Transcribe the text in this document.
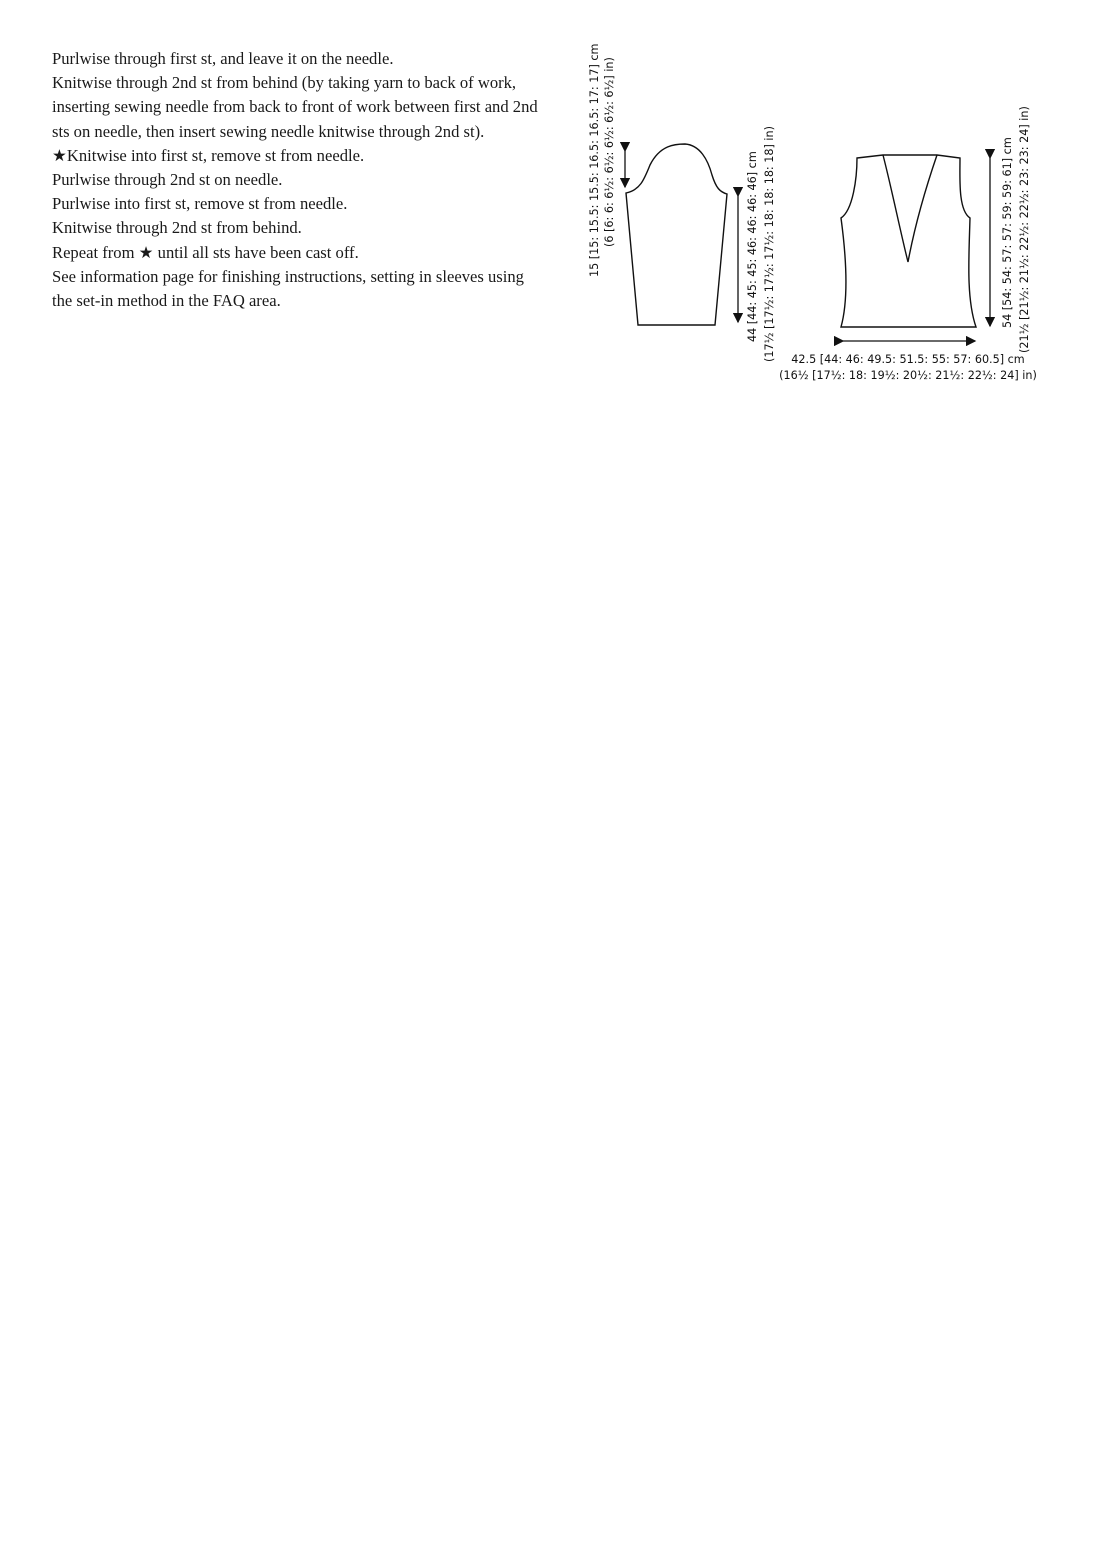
Purlwise through first st, and leave it on the needle.

Knitwise through 2nd st from behind (by taking yarn to back of work, inserting sewing needle from back to front of work between first and 2nd sts on needle, then insert sewing needle knitwise through 2nd st).

★Knitwise into first st, remove st from needle.

Purlwise through 2nd st on needle.

Purlwise into first st, remove st from needle.

Knitwise through 2nd st from behind.

Repeat from ★ until all sts have been cast off.

See information page for finishing instructions, setting in sleeves using the set-in method in the FAQ area.

15 [15: 15.5: 15.5: 16.5: 16.5: 17: 17] cm (6 [6: 6: 6½: 6½: 6½: 6½: 6½] in)	44 [44: 45: 45: 46: 46: 46: 46] cm (17½ [17½: 17½: 17½: 18: 18: 18: 18] in)	54 [54: 54: 57: 57: 59: 59: 61] cm (21½ [21½: 21½: 22½: 22½: 23: 23: 24] in)
42.5 [44: 46: 49.5: 51.5: 55: 57: 60.5] cm
(16½ [17½: 18: 19½: 20½: 21½: 22½: 24] in)
